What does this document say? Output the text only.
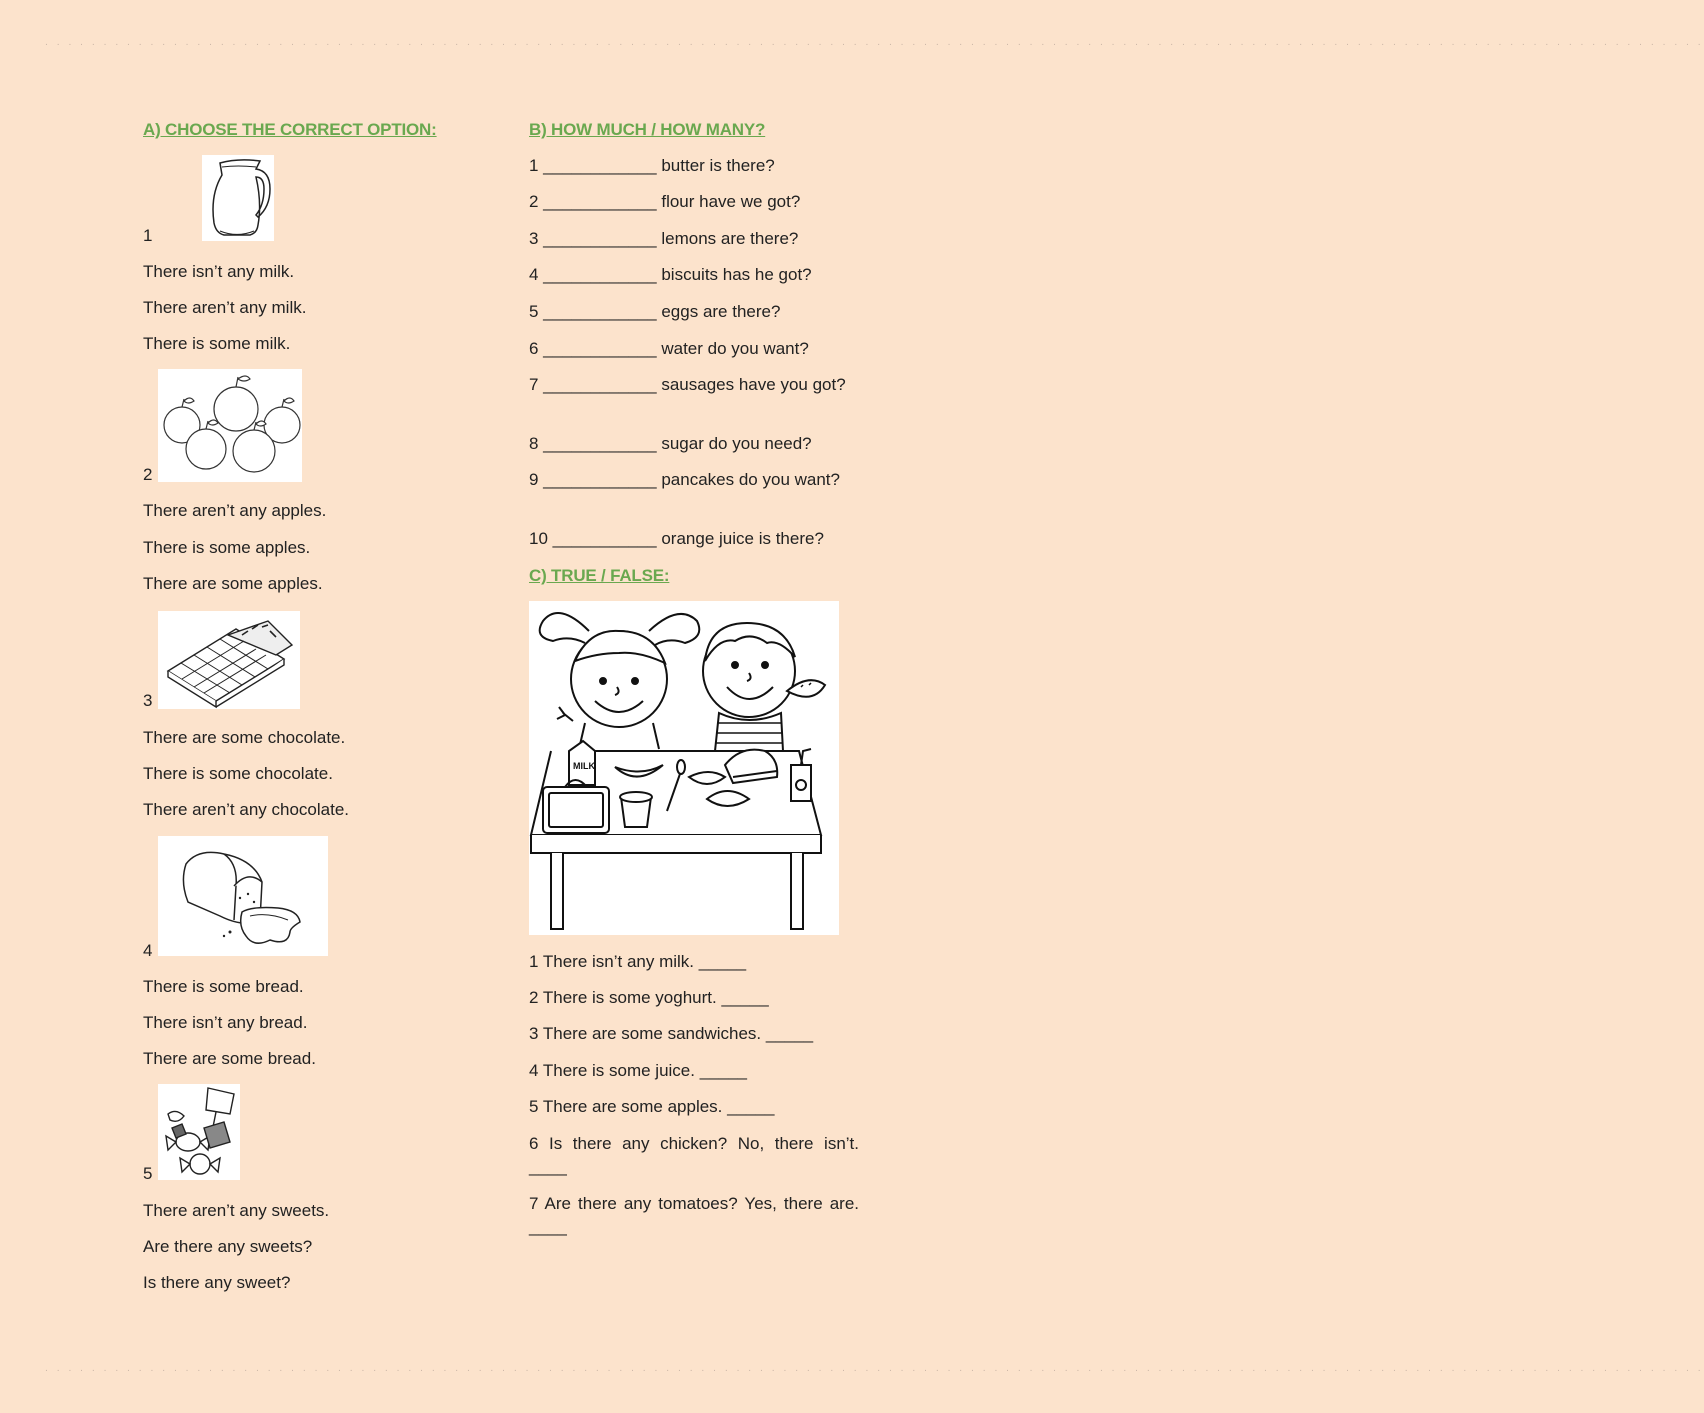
. . . . . . . . . . . . . . . . . . . . . . . . . . . . . . . . . . . . . . . . . . . . . . . . . . . . . . . . . . . . . . . . . . . . . . . . . . . . . . . . . . . . . . . . . . . . . . . . . . . . . . . . . . . . . . . . . . . . . . . . . . . . . . . . . . . . . . . . . . . . . .
. . . . . . . . . . . . . . . . . . . . . . . . . . . . . . . . . . . . . . . . . . . . . . . . . . . . . . . . . . . . . . . . . . . . . . . . . . . . . . . . . . . . . . . . . . . . . . . . . . . . . . . . . . . . . . . . . . . . . . . . . . . . . . . . . . . . . . . . . . . . . .
A) CHOOSE THE CORRECT OPTION:
1
There isn’t any milk.
There aren’t any milk.
There is some milk.
2
There aren’t any apples.
There is some apples.
There are some apples.
3
There are some chocolate.
There is some chocolate.
There aren’t any chocolate.
4
There is some bread.
There isn’t any bread.
There are some bread.
5
There aren’t any sweets.
Are there any sweets?
Is there any sweet?
B) HOW MUCH / HOW MANY?
1 ____________ butter is there?
2 ____________ flour have we got?
3 ____________ lemons are there?
4 ____________ biscuits has he got?
5 ____________ eggs are there?
6 ____________ water do you want?
7 ____________ sausages have you got?
8 ____________ sugar do you need?
9 ____________ pancakes do you want?
10 ___________ orange juice is there?
C) TRUE / FALSE:
MILK
1 There isn’t any milk. _____
2 There is some yoghurt. _____
3 There are some sandwiches. _____
4 There is some juice. _____
5 There are some apples. _____
6 Is there any chicken? No, there isn’t. ____
7 Are there any tomatoes? Yes, there are. ____
